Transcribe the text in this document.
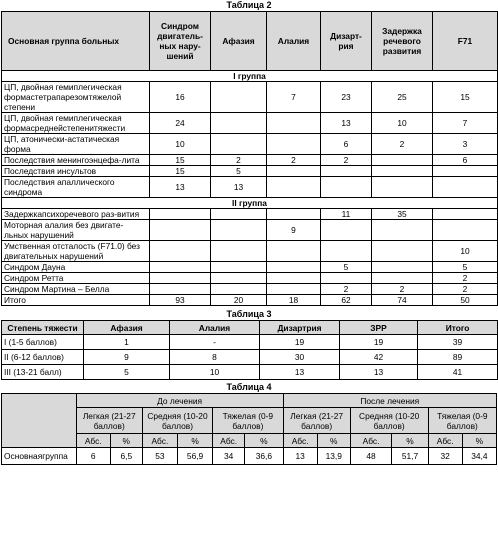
Таблица 2
Основная группа больных	Синдром двигатель-ных нару-шений	Афазия	Алалия	Дизарт-рия	Задержка речевого развития	F71
I группа						
ЦП, двойная гемиплегическая формастетрапарезомтяжелой степени	16		7	23	25	15
ЦП, двойная гемиплегическая формасреднейстепенитяжести	24			13	10	7
ЦП, атонически-астатическая форма	10			6	2	3
Последствия менингоэнцефа-лита	15	2	2	2		6
Последствия инсультов	15	5				
Последствия апаллического синдрома	13	13				
II группа						
Задержкапсихоречевого раз-вития				11	35	
Моторная алалия без двигате-льных нарушений			9			
Умственная отсталость (F71.0) без двигательных нарушений						10
Синдром Дауна				5		5
Синдром Ретта						2
Синдром Мартина – Белла				2	2	2
Итого	93	20	18	62	74	50
Таблица 3
Степень тяжести	Афазия	Алалия	Дизартрия	ЗРР	Итого
I (1-5 баллов)	1	-	19	19	39
II (6-12 баллов)	9	8	30	42	89
III (13-21 балл)	5	10	13	13	41
Таблица 4
	До лечения						После лечения					
	Легкая (21-27 баллов)		Средняя (10-20 баллов)		Тяжелая (0-9 баллов)		Легкая (21-27 баллов)		Средняя (10-20 баллов)		Тяжелая (0-9 баллов)	
	Абс.	%	Абс.	%	Абс.	%	Абс.	%	Абс.	%	Абс.	%
Основнаягруппа	6	6,5	53	56,9	34	36,6	13	13,9	48	51,7	32	34,4
